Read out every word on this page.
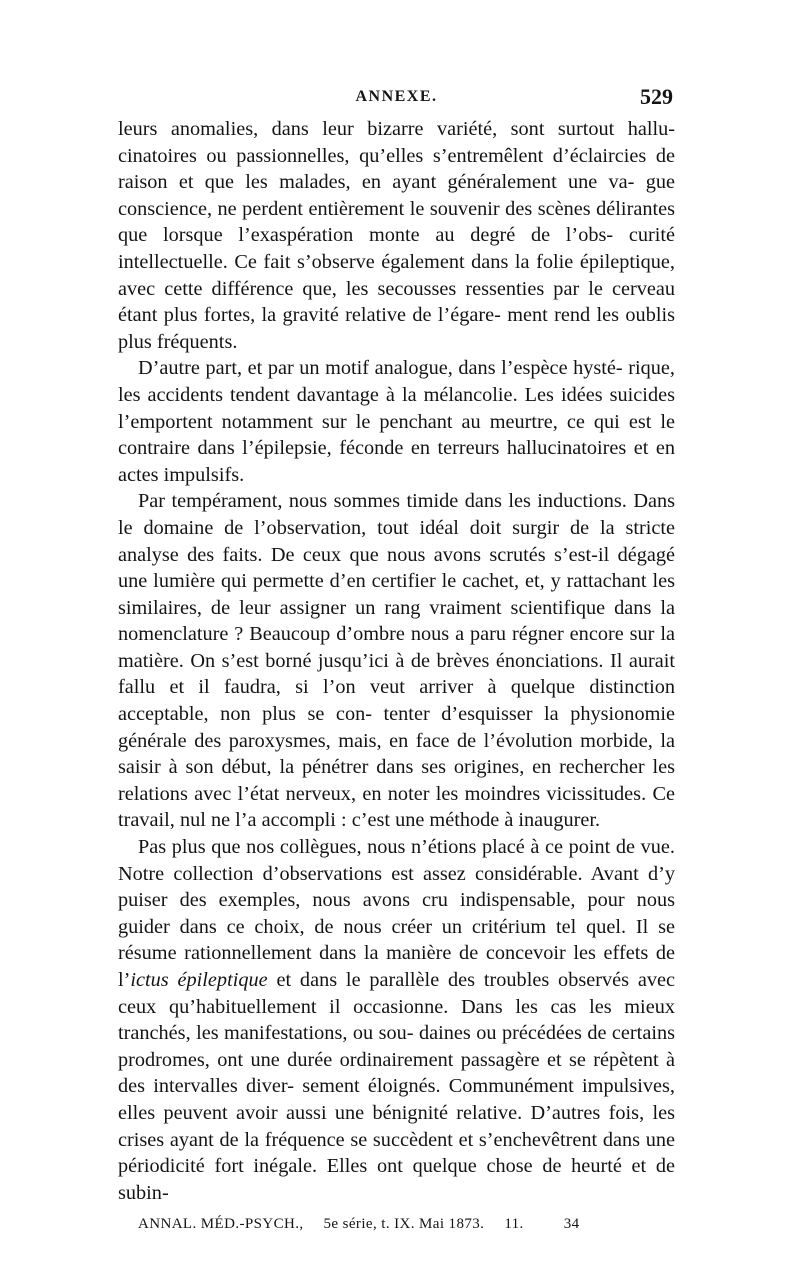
ANNEXE.	529

leurs anomalies, dans leur bizarre variété, sont surtout hallu- cinatoires ou passionnelles, qu’elles s’entremêlent d’éclaircies de raison et que les malades, en ayant généralement une va- gue conscience, ne perdent entièrement le souvenir des scènes délirantes que lorsque l’exaspération monte au degré de l’obs- curité intellectuelle. Ce fait s’observe également dans la folie épileptique, avec cette différence que, les secousses ressenties par le cerveau étant plus fortes, la gravité relative de l’égare- ment rend les oublis plus fréquents.

D’autre part, et par un motif analogue, dans l’espèce hysté- rique, les accidents tendent davantage à la mélancolie. Les idées suicides l’emportent notamment sur le penchant au meurtre, ce qui est le contraire dans l’épilepsie, féconde en terreurs hallucinatoires et en actes impulsifs.

Par tempérament, nous sommes timide dans les inductions. Dans le domaine de l’observation, tout idéal doit surgir de la stricte analyse des faits. De ceux que nous avons scrutés s’est-il dégagé une lumière qui permette d’en certifier le cachet, et, y rattachant les similaires, de leur assigner un rang vraiment scientifique dans la nomenclature ? Beaucoup d’ombre nous a paru régner encore sur la matière. On s’est borné jusqu’ici à de brèves énonciations. Il aurait fallu et il faudra, si l’on veut arriver à quelque distinction acceptable, non plus se con- tenter d’esquisser la physionomie générale des paroxysmes, mais, en face de l’évolution morbide, la saisir à son début, la pénétrer dans ses origines, en rechercher les relations avec l’état nerveux, en noter les moindres vicissitudes. Ce travail, nul ne l’a accompli : c’est une méthode à inaugurer.

Pas plus que nos collègues, nous n’étions placé à ce point de vue. Notre collection d’observations est assez considérable. Avant d’y puiser des exemples, nous avons cru indispensable, pour nous guider dans ce choix, de nous créer un critérium tel quel. Il se résume rationnellement dans la manière de concevoir les effets de l’ictus épileptique et dans le parallèle des troubles observés avec ceux qu’habituellement il occasionne. Dans les cas les mieux tranchés, les manifestations, ou sou- daines ou précédées de certains prodromes, ont une durée ordinairement passagère et se répètent à des intervalles diver- sement éloignés. Communément impulsives, elles peuvent avoir aussi une bénignité relative. D’autres fois, les crises ayant de la fréquence se succèdent et s’enchevêtrent dans une périodicité fort inégale. Elles ont quelque chose de heurté et de subin-

ANNAL. MÉD.-PSYCH., 5e série, t. IX. Mai 1873. 11.	34
